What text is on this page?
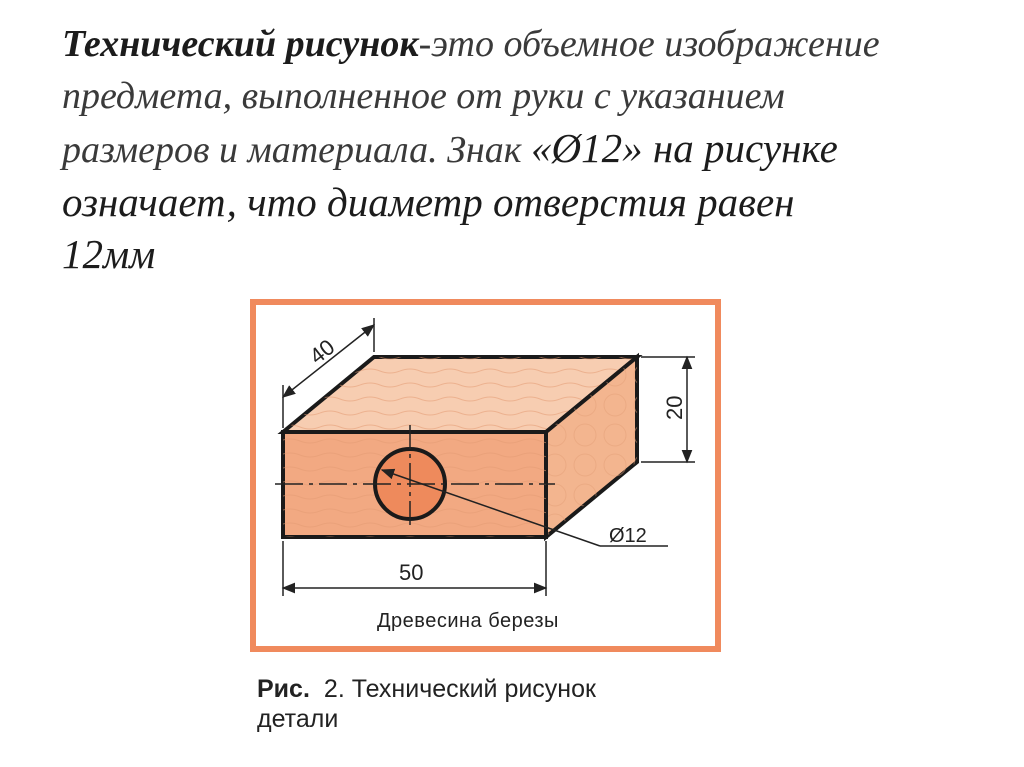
Технический рисунок-это объемное изображение
предмета, выполненное от руки с указанием
размеров и материала. Знак «Ø12» на рисунке
означает, что диаметр отверстия равен
12мм
Ø12
40
20
50
Древесина березы
Рис. 2. Технический рисунок
детали
